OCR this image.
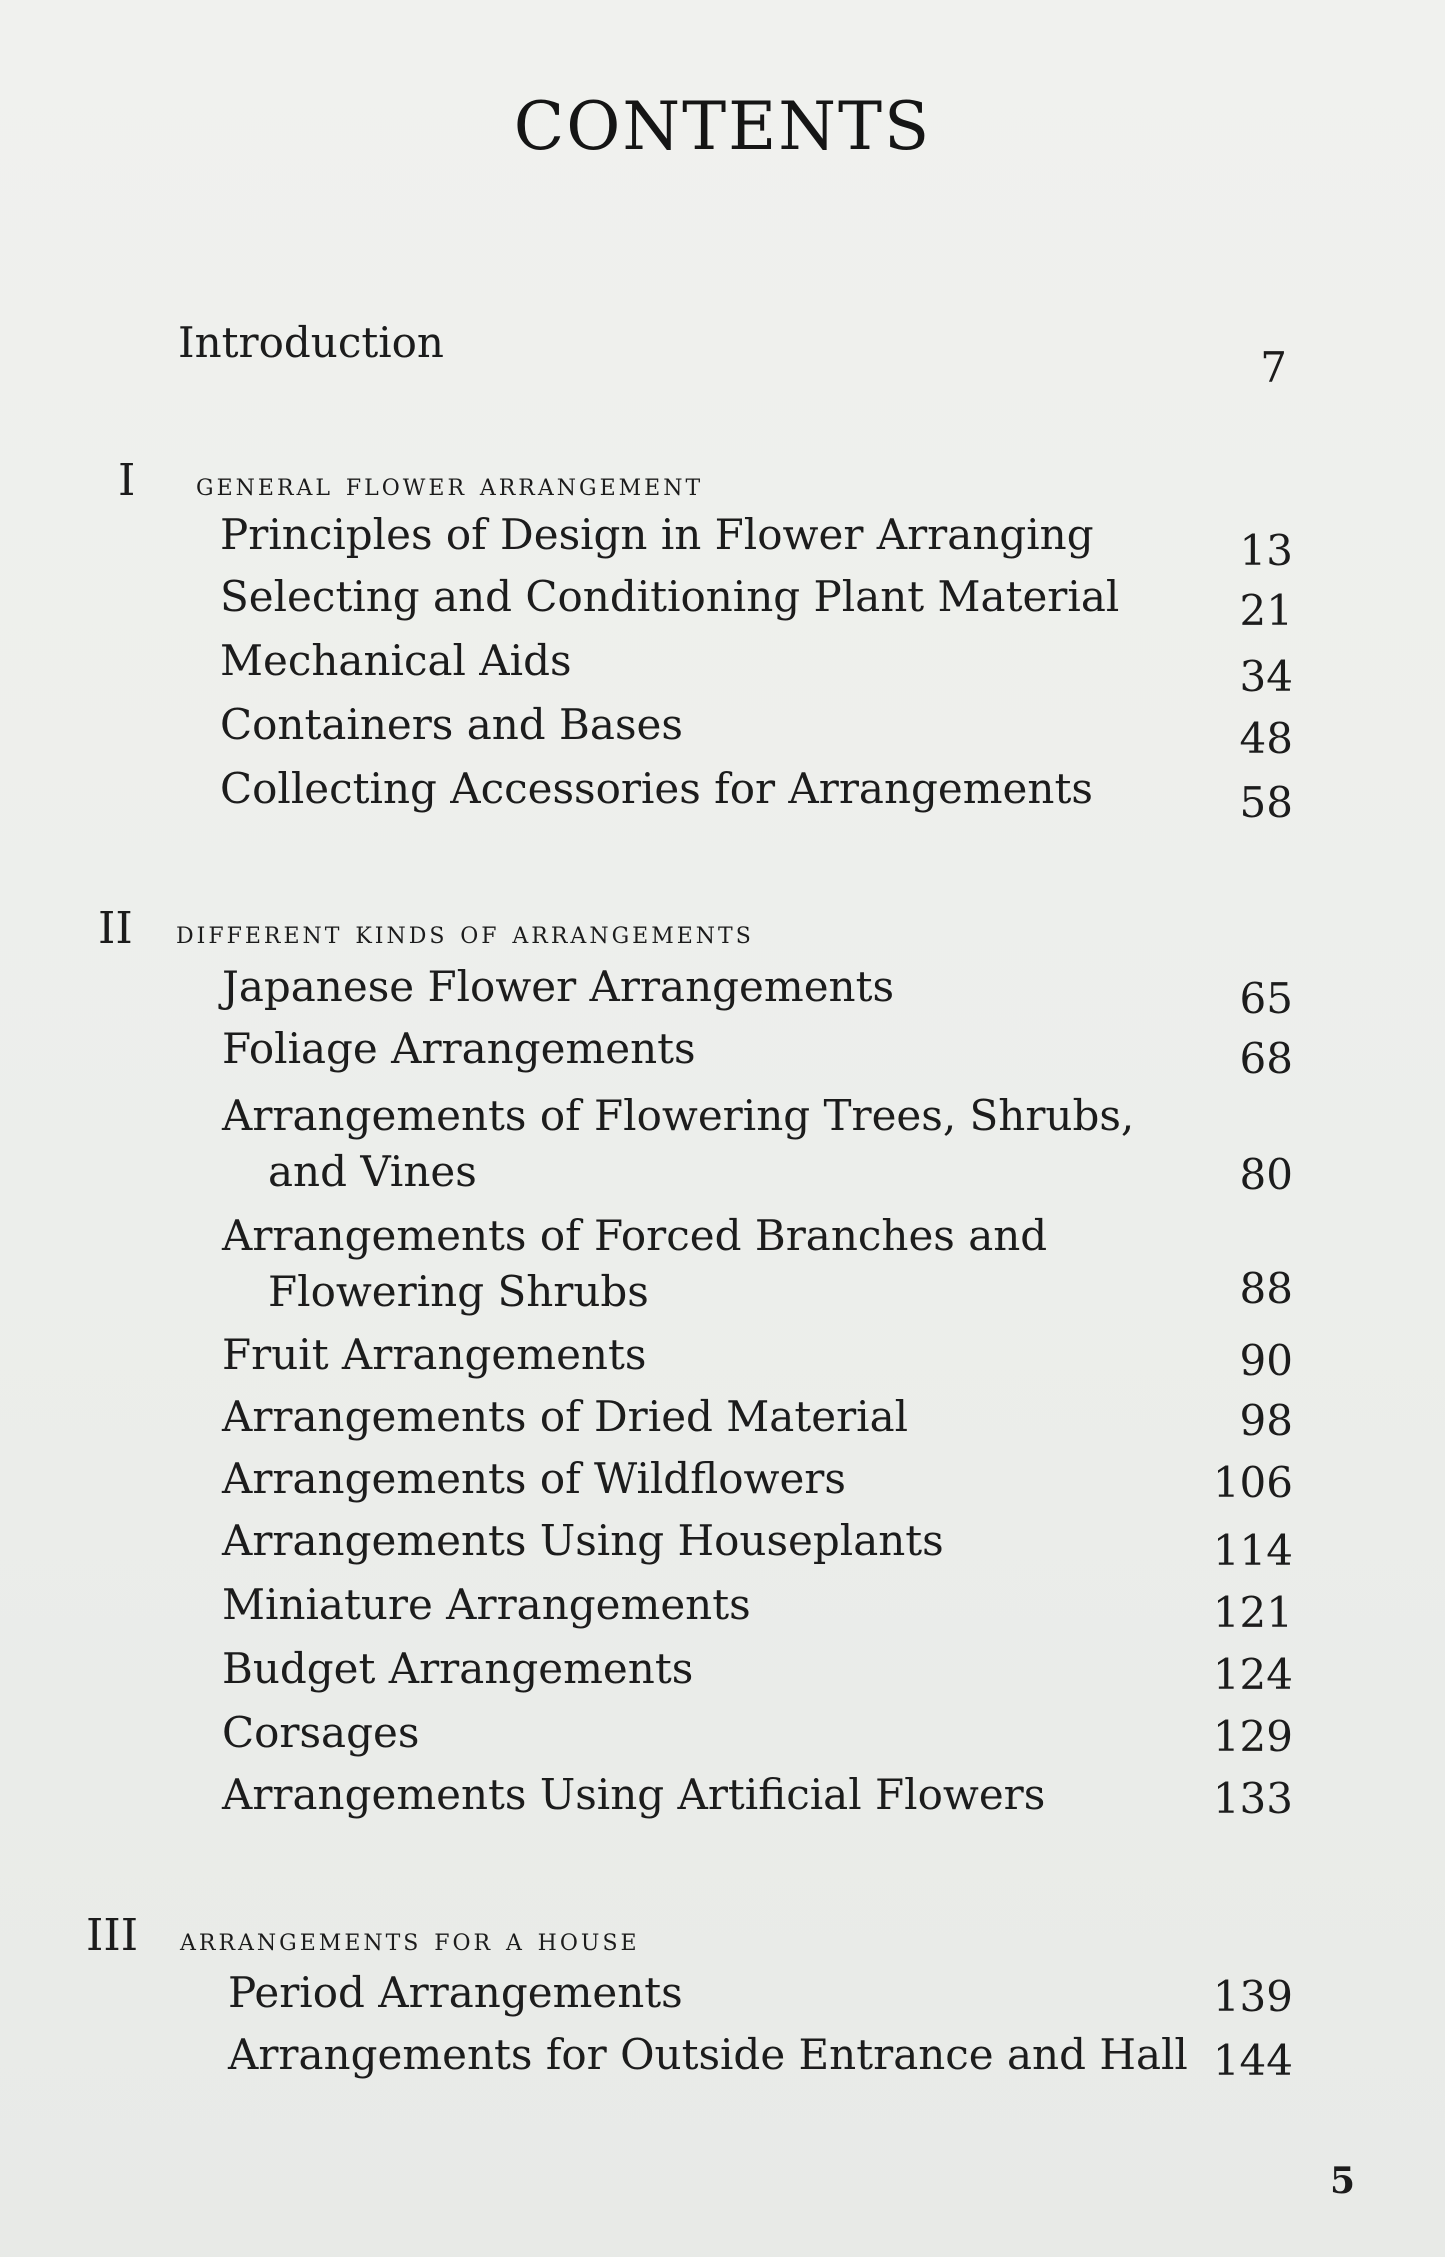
CONTENTS
Introduction
7
I	general flower arrangement
Principles of Design in Flower Arranging	13
Selecting and Conditioning Plant Material	21
Mechanical Aids	34
Containers and Bases	48
Collecting Accessories for Arrangements	58
II	different kinds of arrangements
Japanese Flower Arrangements	65
Foliage Arrangements	68
Arrangements of Flowering Trees, Shrubs,
and Vines	80
Arrangements of Forced Branches and
Flowering Shrubs	88
Fruit Arrangements	90
Arrangements of Dried Material	98
Arrangements of Wildflowers	106
Arrangements Using Houseplants	114
Miniature Arrangements	121
Budget Arrangements	124
Corsages	129
Arrangements Using Artificial Flowers	133
III	arrangements for a house
Period Arrangements	139
Arrangements for Outside Entrance and Hall 144
5
